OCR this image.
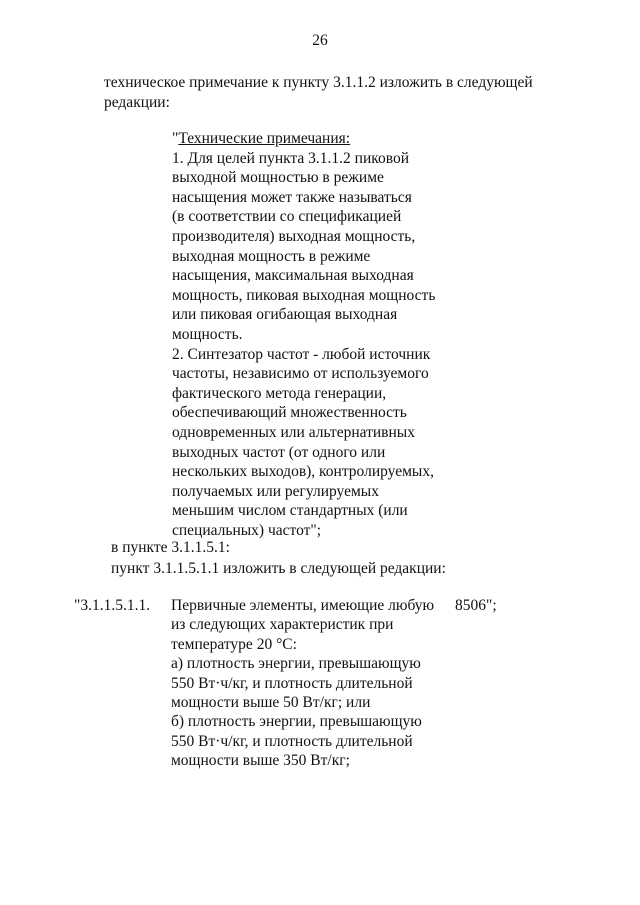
26
техническое примечание к пункту 3.1.1.2 изложить в следующей
редакции:
"Технические примечания:
1. Для целей пункта 3.1.1.2 пиковой
выходной мощностью в режиме
насыщения может также называться
(в соответствии со спецификацией
производителя) выходная мощность,
выходная мощность в режиме
насыщения, максимальная выходная
мощность, пиковая выходная мощность
или пиковая огибающая выходная
мощность.
2. Синтезатор частот - любой источник
частоты, независимо от используемого
фактического метода генерации,
обеспечивающий множественность
одновременных или альтернативных
выходных частот (от одного или
нескольких выходов), контролируемых,
получаемых или регулируемых
меньшим числом стандартных (или
специальных) частот";
в пункте 3.1.1.5.1:
пункт 3.1.1.5.1.1 изложить в следующей редакции:
"3.1.1.5.1.1. Первичные элементы, имеющие любую
из следующих характеристик при
температуре 20 °С:
а) плотность энергии, превышающую
550 Вт·ч/кг, и плотность длительной
мощности выше 50 Вт/кг; или
б) плотность энергии, превышающую
550 Вт·ч/кг, и плотность длительной
мощности выше 350 Вт/кг;
8506";
